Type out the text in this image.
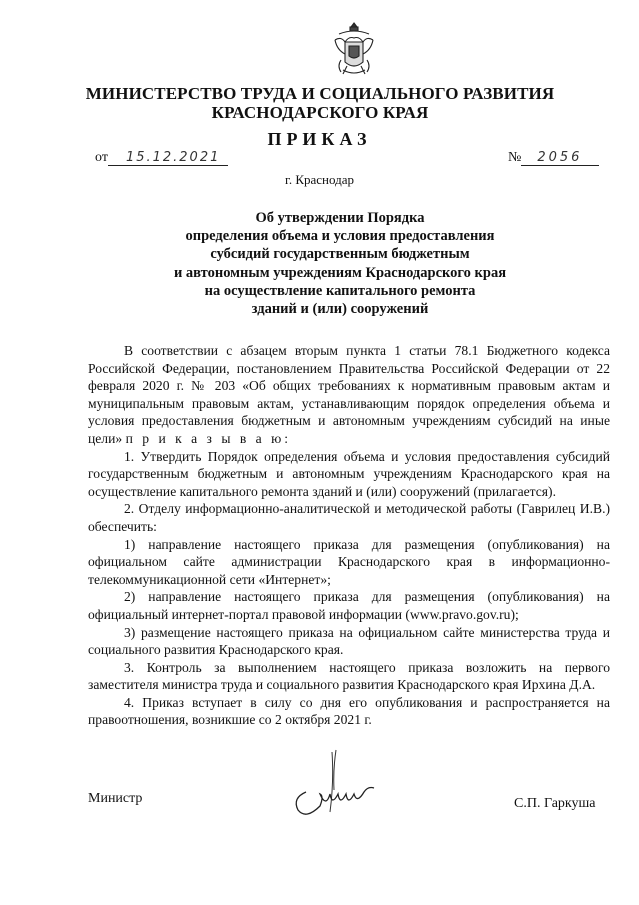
МИНИСТЕРСТВО ТРУДА И СОЦИАЛЬНОГО РАЗВИТИЯ
КРАСНОДАРСКОГО КРАЯ
ПРИКАЗ
от 15.12.2021	№ 2056
г. Краснодар
Об утверждении Порядка
определения объема и условия предоставления
субсидий государственным бюджетным
и автономным учреждениям Краснодарского края
на осуществление капитального ремонта
зданий и (или) сооружений

В соответствии с абзацем вторым пункта 1 статьи 78.1 Бюджетного кодекса Российской Федерации, постановлением Правительства Российской Федерации от 22 февраля 2020 г. № 203 «Об общих требованиях к нормативным правовым актам и муниципальным правовым актам, устанавливающим порядок определения объема и условия предоставления бюджетным и автономным учреждениям субсидий на иные цели» п р и к а з ы в а ю:

1. Утвердить Порядок определения объема и условия предоставления субсидий государственным бюджетным и автономным учреждениям Краснодарского края на осуществление капитального ремонта зданий и (или) сооружений (прилагается).

2. Отделу информационно-аналитической и методической работы (Гаврилец И.В.) обеспечить:

1) направление настоящего приказа для размещения (опубликования) на официальном сайте администрации Краснодарского края в информационно-телекоммуникационной сети «Интернет»;

2) направление настоящего приказа для размещения (опубликования) на официальный интернет-портал правовой информации (www.pravo.gov.ru);

3) размещение настоящего приказа на официальном сайте министерства труда и социального развития Краснодарского края.

3. Контроль за выполнением настоящего приказа возложить на первого заместителя министра труда и социального развития Краснодарского края Ирхина Д.А.

4. Приказ вступает в силу со дня его опубликования и распространяется на правоотношения, возникшие со 2 октября 2021 г.

Министр	С.П. Гаркуша
